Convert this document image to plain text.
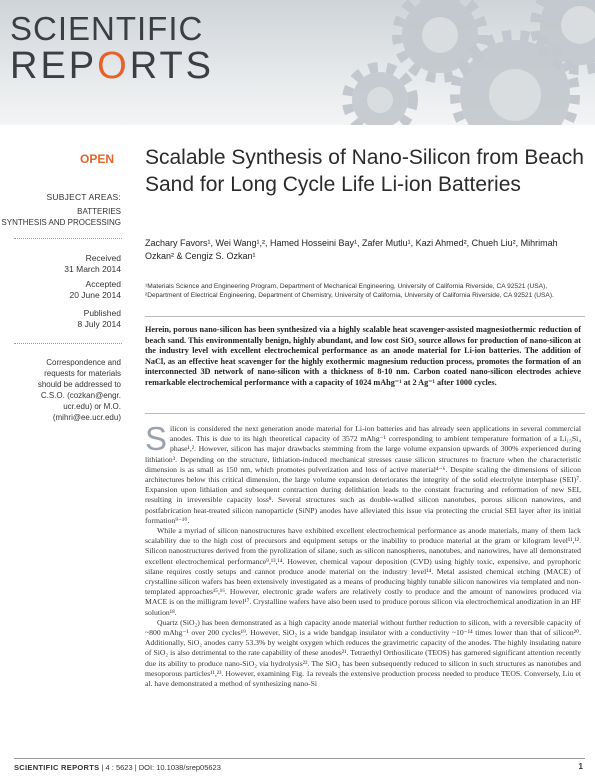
SCIENTIFIC
REPORTS
OPEN Scalable Synthesis of Nano-Silicon from Beach Sand for Long Cycle Life Li-ion Batteries
SUBJECT AREAS:
BATTERIES
SYNTHESIS AND PROCESSING
Received
31 March 2014
Accepted
20 June 2014
Published
8 July 2014
Correspondence and
requests for materials
should be addressed to
C.S.O. (cozkan@engr.
ucr.edu) or M.O.
(mihri@ee.ucr.edu)
Zachary Favors¹, Wei Wang¹,², Hamed Hosseini Bay¹, Zafer Mutlu¹, Kazi Ahmed², Chueh Liu², Mihrimah Ozkan² & Cengiz S. Ozkan¹
¹Materials Science and Engineering Program, Department of Mechanical Engineering, University of California Riverside, CA 92521 (USA), ²Department of Electrical Engineering, Department of Chemistry, University of California, University of California Riverside, CA 92521 (USA).
Herein, porous nano-silicon has been synthesized via a highly scalable heat scavenger-assisted magnesiothermic reduction of beach sand. This environmentally benign, highly abundant, and low cost SiO₂ source allows for production of nano-silicon at the industry level with excellent electrochemical performance as an anode material for Li-ion batteries. The addition of NaCl, as an effective heat scavenger for the highly exothermic magnesium reduction process, promotes the formation of an interconnected 3D network of nano-silicon with a thickness of 8-10 nm. Carbon coated nano-silicon electrodes achieve remarkable electrochemical performance with a capacity of 1024 mAhg⁻¹ at 2 Ag⁻¹ after 1000 cycles.

Silicon is considered the next generation anode material for Li-ion batteries and has already seen applications in several commercial anodes. This is due to its high theoretical capacity of 3572 mAhg⁻¹ corresponding to ambient temperature formation of a Li₁₅Si₄ phase¹,². However, silicon has major drawbacks stemming from the large volume expansion upwards of 300% experienced during lithiation³. Depending on the structure, lithiation-induced mechanical stresses cause silicon structures to fracture when the characteristic dimension is as small as 150 nm, which promotes pulverization and loss of active material⁴⁻⁶. Despite scaling the dimensions of silicon architectures below this critical dimension, the large volume expansion deteriorates the integrity of the solid electrolyte interphase (SEI)⁷. Expansion upon lithiation and subsequent contraction during delithiation leads to the constant fracturing and reformation of new SEI, resulting in irreversible capacity loss⁸. Several structures such as double-walled silicon nanotubes, porous silicon nanowires, and postfabrication heat-treated silicon nanoparticle (SiNP) anodes have alleviated this issue via protecting the crucial SEI layer after its initial formation⁹⁻¹⁰.

While a myriad of silicon nanostructures have exhibited excellent electrochemical performance as anode materials, many of them lack scalability due to the high cost of precursors and equipment setups or the inability to produce material at the gram or kilogram level¹¹,¹². Silicon nanostructures derived from the pyrolization of silane, such as silicon nanospheres, nanotubes, and nanowires, have all demonstrated excellent electrochemical performance⁹,¹³,¹⁴. However, chemical vapour deposition (CVD) using highly toxic, expensive, and pyrophoric silane requires costly setups and cannot produce anode material on the industry level¹⁴. Metal assisted chemical etching (MACE) of crystalline silicon wafers has been extensively investigated as a means of producing highly tunable silicon nanowires via templated and non-templated approaches¹⁵,¹⁶. However, electronic grade wafers are relatively costly to produce and the amount of nanowires produced via MACE is on the milligram level¹⁷. Crystalline wafers have also been used to produce porous silicon via electrochemical anodization in an HF solution¹⁸.

Quartz (SiO₂) has been demonstrated as a high capacity anode material without further reduction to silicon, with a reversible capacity of ~800 mAhg⁻¹ over 200 cycles¹⁹. However, SiO₂ is a wide bandgap insulator with a conductivity ~10⁻¹⁴ times lower than that of silicon²⁰. Additionally, SiO₂ anodes carry 53.3% by weight oxygen which reduces the gravimetric capacity of the anodes. The highly insulating nature of SiO₂ is also detrimental to the rate capability of these anodes²¹. Tetraethyl Orthosilicate (TEOS) has garnered significant attention recently due its ability to produce nano-SiO₂ via hydrolysis²². The SiO₂ has been subsequently reduced to silicon in such structures as nanotubes and mesoporous particles¹¹,²³. However, examining Fig. 1a reveals the extensive production process needed to produce TEOS. Conversely, Liu et al. have demonstrated a method of synthesizing nano-Si

SCIENTIFIC REPORTS | 4 : 5623 | DOI: 10.1038/srep05623	1
